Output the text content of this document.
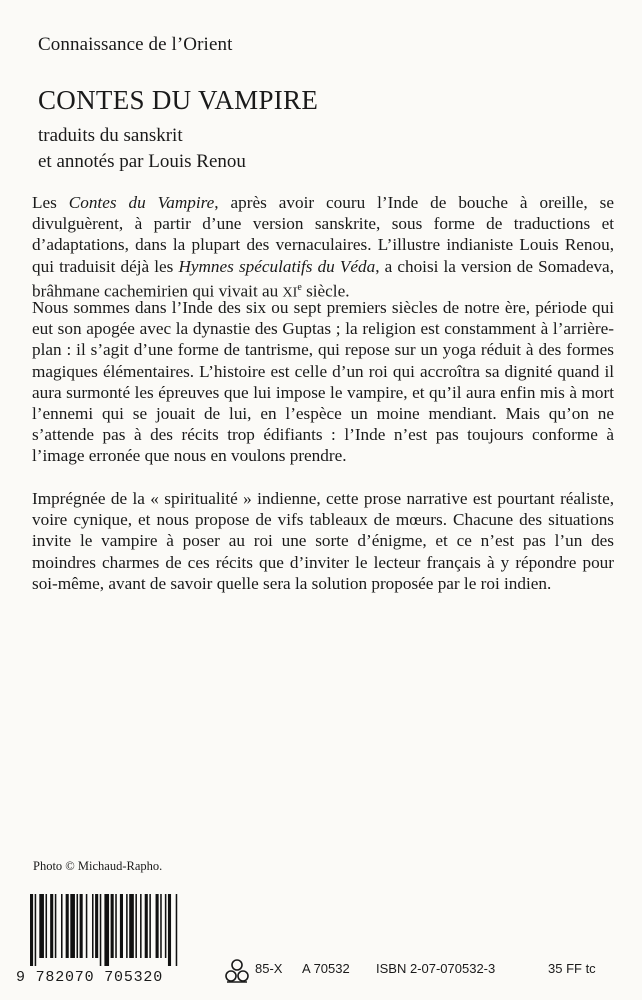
Connaissance de l’Orient
CONTES DU VAMPIRE
traduits du sanskrit
et annotés par Louis Renou
Les Contes du Vampire, après avoir couru l’Inde de bouche à oreille, se divulguèrent, à partir d’une version sanskrite, sous forme de traductions et d’adaptations, dans la plupart des vernaculaires. L’illustre indianiste Louis Renou, qui traduisit déjà les Hymnes spéculatifs du Véda, a choisi la version de Somadeva, brâhmane cachemirien qui vivait au XIe siècle.
Nous sommes dans l’Inde des six ou sept premiers siècles de notre ère, période qui eut son apogée avec la dynastie des Guptas ; la religion est constamment à l’arrière-plan : il s’agit d’une forme de tantrisme, qui repose sur un yoga réduit à des formes magiques élémentaires. L’histoire est celle d’un roi qui accroîtra sa dignité quand il aura surmonté les épreuves que lui impose le vampire, et qu’il aura enfin mis à mort l’ennemi qui se jouait de lui, en l’espèce un moine mendiant. Mais qu’on ne s’attende pas à des récits trop édifiants : l’Inde n’est pas toujours conforme à l’image erronée que nous en voulons prendre.
Imprégnée de la « spiritualité » indienne, cette prose narrative est pourtant réaliste, voire cynique, et nous propose de vifs tableaux de mœurs. Chacune des situations invite le vampire à poser au roi une sorte d’énigme, et ce n’est pas l’un des moindres charmes de ces récits que d’inviter le lecteur français à y répondre pour soi-même, avant de savoir quelle sera la solution proposée par le roi indien.
Photo © Michaud-Rapho.
9 782070 705320
85-X A 70532 ISBN 2-07-070532-3	35 FF tc
